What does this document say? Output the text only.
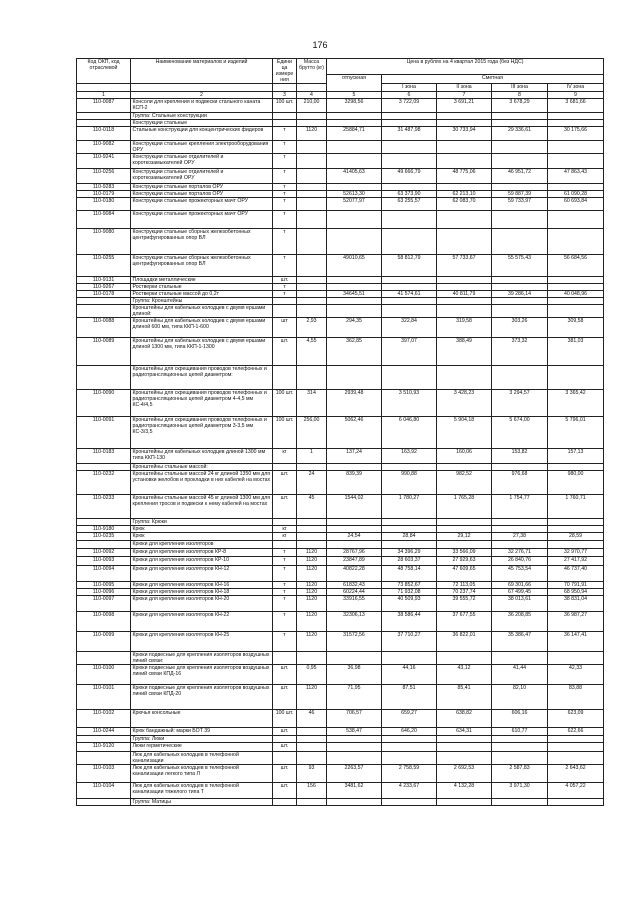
176
Код ОКП, код отраслевой	Наименование материалов и изделий	Едини ца измере ния	Масса брутто (кг)	Цена в рублях на 4 квартал 2015 года (без НДС)				
				отпускная	Сметная			
					I зона	II зона	III зона	IV зона
1	2	3	4	5	6	7	8	9
110-0087	Консоли для крепления и подвески стального каната КСП-2	100 шт.	210,00	3298,56	3 722,09	3 691,21	3 678,29	3 681,66
	Группа: Стальные конструкции							
	Конструкции стальные							
110-0118	Стальные конструкции для концентрических фидеров	т	1120	25884,71	31 487,98	30 733,94	29 336,61	30 175,66
110-9082	Конструкции стальные крепления электрооборудования ОРУ	т						
110-9241	Конструкции стальные отделителей и короткозамыкателей ОРУ	т						
110-0256	Конструкции стальные отделителей и короткозамыкателей ОРУ	т		41405,63	49 666,79	48 775,06	46 951,72	47 863,43
110-9283	Конструкции стальные порталов ОРУ	т						
110-0179	Конструкции стальные порталов ОРУ	т		52613,30	63 373,90	62 213,10	59 887,39	61 090,28
110-0180	Конструкции стальные прожекторных мачт ОРУ	т		52077,97	63 255,57	62 083,70	59 733,97	60 693,84
110-9084	Конструкции стальные прожекторных мачт ОРУ	т						
110-9080	Конструкции стальные сборных железобетонных центрифугированных опор ВЛ	т						
110-0255	Конструкции стальные сборных железобетонных центрифугированных опор ВЛ	т		49010,65	58 812,79	57 733,67	55 575,43	56 684,56
110-9131	Площадки металлические	шт.						
110-9267	Ростверки стальные	т						
110-0178	Ростверки стальные массой до 0,2т	т		34645,51	41 574,61	40 811,79	39 286,14	40 048,96
	Группа: Кронштейны							
	Кронштейны для кабельных колодцев с двумя ершами длиной:							
110-0088	Кронштейны для кабельных колодцев с двумя ершами длиной 600 мм, типа ККП-1-600	шт	2,93	294,35	322,84	319,58	303,26	309,58
110-0089	Кронштейны для кабельных колодцев с двумя ершами длиной 1300 мм, типа ККП-1-1300	шт.	4,55	362,85	397,07	388,49	373,32	381,03
	Кронштейны для скрещивания проводов телефонных и радиотрансляционных цепей диаметром:							
110-0090	Кронштейны для скрещивания проводов телефонных и радиотрансляционных цепей диаметром 4-4,5 мм КС-4/4,5	100 шт.	314	2939,48	3 510,93	3 428,23	3 294,57	3 365,42
110-0091	Кронштейны для скрещивания проводов телефонных и радиотрансляционных цепей диаметром 3-3,5 мм КС-3/3,5	100 шт.	256,00	5062,46	6 046,80	5 904,18	5 674,00	5 796,01
110-0183	Кронштейны для кабельных колодцев длиной 1300 мм типа ККП-130	кг	1	137,24	163,92	160,06	153,82	157,13
	Кронштейны стальные массой:							
110-0232	Кронштейны стальные массой 24 кг длиной 1350 мм для установки желобов и прокладки в них кабелей на мостах	шт.	24	839,39	990,88	982,52	976,68	980,00
110-0233	Кронштейны стальные массой 45 кг длиной 1300 мм для крепления тросов и подвески к нему кабелей на мостах	шт.	45	1544,02	1 780,27	1 765,28	1 754,77	1 760,71
	Группа: Крюки							
110-9180	Крюк	кг						
110-0235	Крюк	кг		24,54	28,84	29,12	27,38	28,59
	Крюки для крепления изоляторов							
110-0092	Крюки для крепления изоляторов КР-8	т	1120	28767,96	34 396,29	33 566,09	32 276,71	32 970,77
110-0093	Крюки для крепления изоляторов КР-10	т	1120	23847,89	28 603,37	27 929,63	26 840,76	27 417,92
110-0094	Крюки для крепления изоляторов КН-12	т	1120	40822,28	48 758,14	47 609,65	45 753,54	46 737,40
110-0095	Крюки для крепления изоляторов КН-16	т	1120	61832,43	73 852,67	72 113,05	69 301,66	70 791,91
110-0096	Крюки для крепления изоляторов КН-18	т	1120	60224,44	71 932,08	70 237,74	67 499,45	68 950,94
110-0097	Крюки для крепления изоляторов КН-20	т	1120	33916,55	40 509,93	39 555,72	38 013,61	38 831,04
110-0098	Крюки для крепления изоляторов КН-22	т	1120	32306,13	38 586,44	37 677,55	36 208,85	36 987,27
110-0099	Крюки для крепления изоляторов КН-25	т	1120	31572,56	37 710,27	36 822,01	35 386,47	36 147,41
	Крюки подвесные для крепления изоляторов воздушных линий связи:							
110-0100	Крюки подвесные для крепления изоляторов воздушных линий связи КПД-16	шт.	0,95	36,98	44,16	43,12	41,44	42,33
110-0101	Крюки подвесные для крепления изоляторов воздушных линий связи КПД-20	шт.	1120	71,95	87,51	85,41	82,10	83,88
110-0102	Крючья консольные	100 шт.	46	706,57	659,27	638,82	606,16	623,09
110-0244	Крюк бандажный: марки БОТ 39	шт.		538,47	646,20	634,31	610,77	622,66
	Группа: Люки							
110-9120	Люки герметические	шт.						
	Люк для кабельных колодцев в телефонной канализации							
110-0103	Люк для кабельных колодцев в телефонной канализации легкого типа Л	шт.	93	2263,57	2 758,59	2 692,53	2 587,83	2 643,62
110-0104	Люк для кабельных колодцев в телефонной канализации тяжелого типа Т	шт.	156	3481,62	4 233,67	4 132,28	3 971,30	4 057,22
	Группа: Матицы							
